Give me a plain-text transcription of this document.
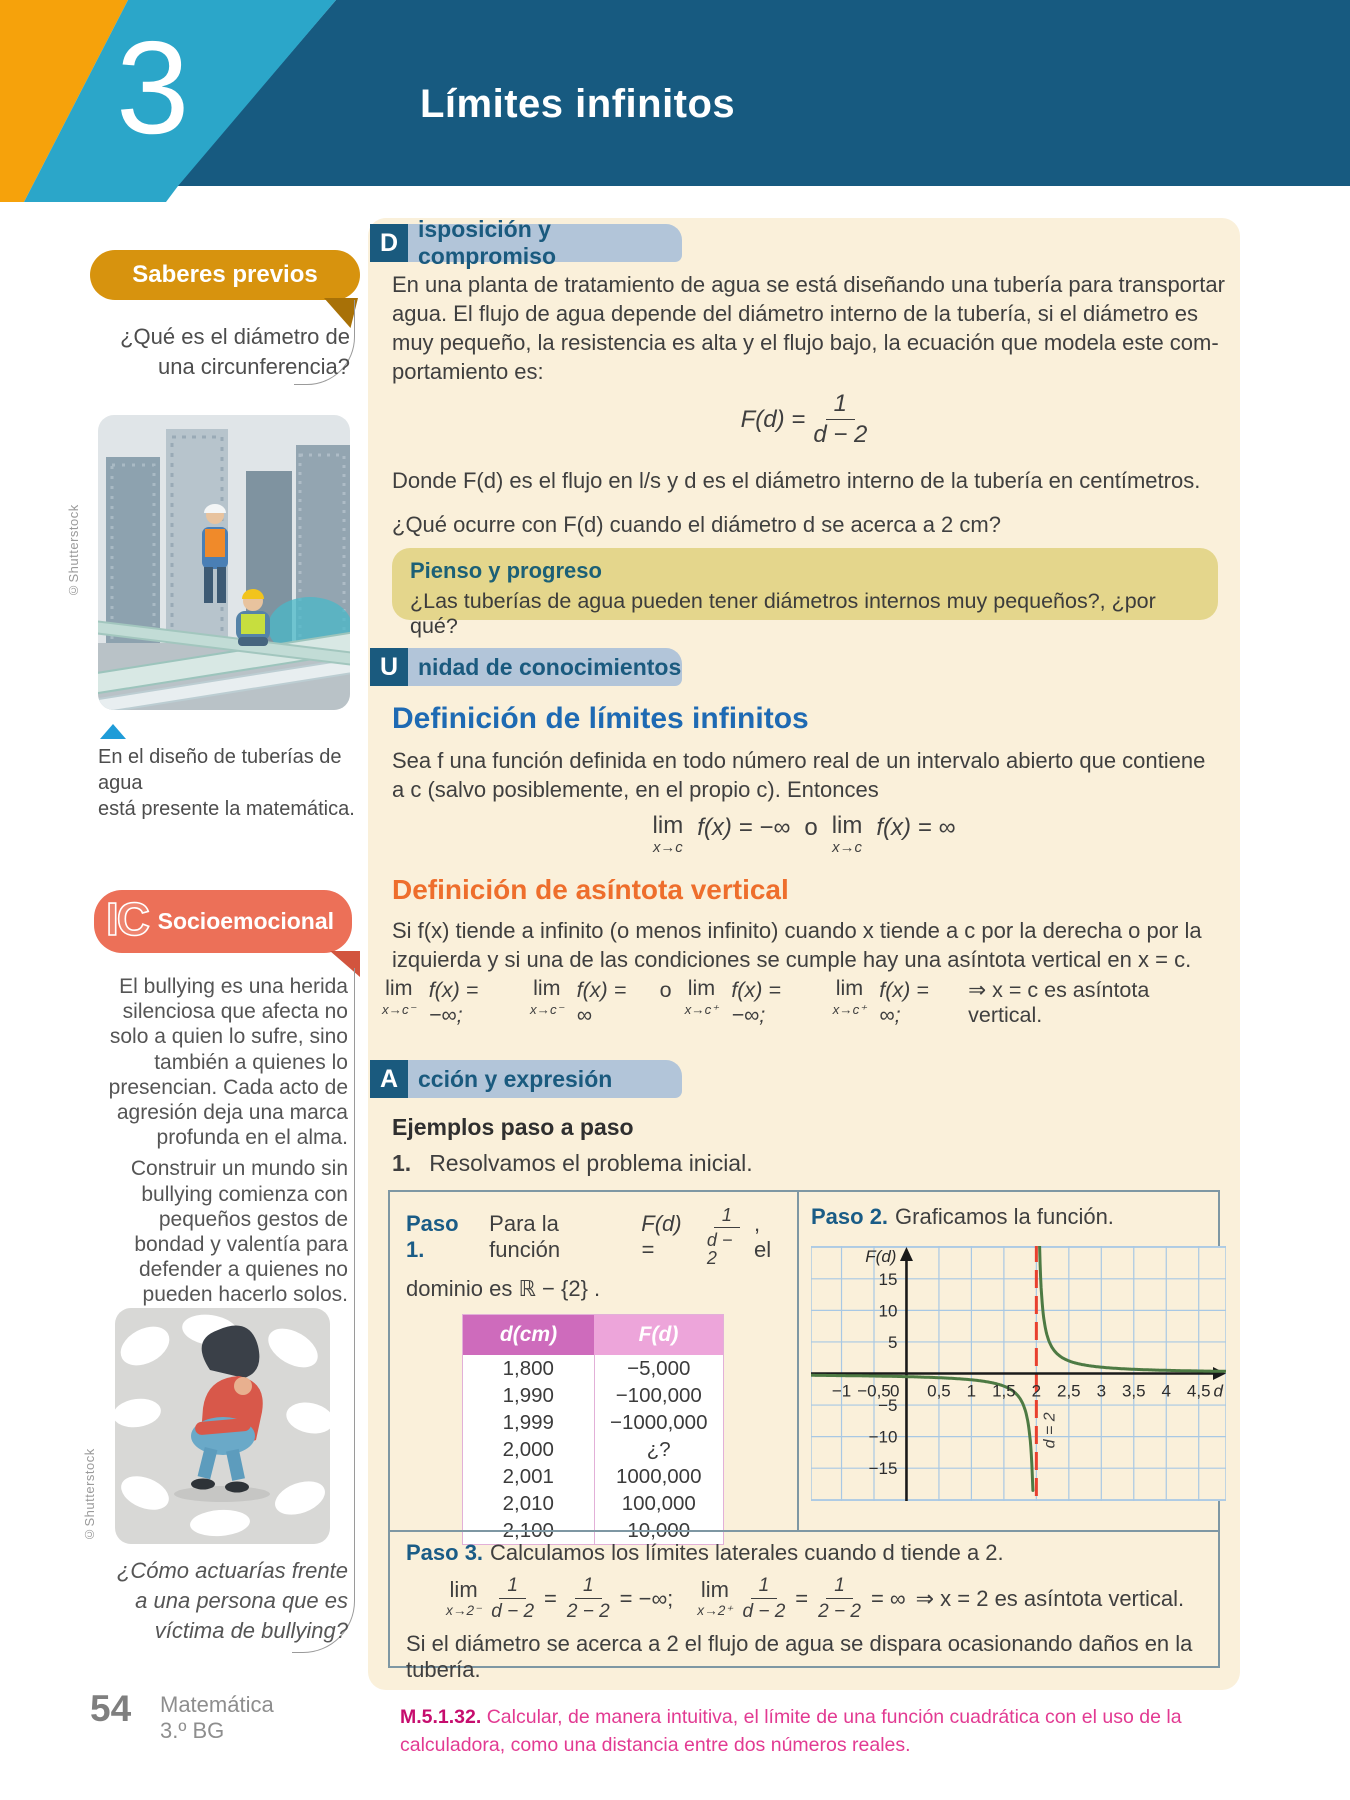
3	Límites infinitos
Saberes previos
¿Qué es el diámetro de
una circunferencia?
©Shutterstock
En el diseño de tuberías de agua
está presente la matemática.
IC Socioemocional
El bullying es una herida
silenciosa que afecta no
solo a quien lo sufre, sino
también a quienes lo
presencian. Cada acto de
agresión deja una marca
profunda en el alma.
Construir un mundo sin
bullying comienza con
pequeños gestos de
bondad y valentía para
defender a quienes no
pueden hacerlo solos.
©Shutterstock
¿Cómo actuarías frente
a una persona que es
víctima de bullying?
54 Matemática
3.º BG
D isposición y compromiso
En una planta de tratamiento de agua se está diseñando una tubería para transportar
agua. El flujo de agua depende del diámetro interno de la tubería, si el diámetro es
muy pequeño, la resistencia es alta y el flujo bajo, la ecuación que modela este com-
portamiento es:
$F(d) = \frac{1}{d - 2}$
Donde F(d) es el flujo en l/s y d es el diámetro interno de la tubería en centímetros.
¿Qué ocurre con F(d) cuando el diámetro d se acerca a 2 cm?
Pienso y progreso
¿Las tuberías de agua pueden tener diámetros internos muy pequeños?, ¿por qué?
U nidad de conocimientos
Definición de límites infinitos
Sea f una función definida en todo número real de un intervalo abierto que contiene
a c (salvo posiblemente, en el propio c). Entonces
lim
x→c
f(x) = −∞ o lim
x→c
f(x) = ∞
Definición de asíntota vertical
Si f(x) tiende a infinito (o menos infinito) cuando x tiende a c por la derecha o por la
izquierda y si una de las condiciones se cumple hay una asíntota vertical en x = c.
lim
x→c⁻
f(x) = −∞;
lim
x→c⁻
f(x) = ∞
o lim
x→c⁺
f(x) = −∞;
lim
x→c⁺
f(x) = ∞;
⇒ x = c es asíntota vertical.
A cción y expresión
Ejemplos paso a paso
1. Resolvamos el problema inicial.
Paso 1.
Para la función
F(d) =	$\frac{1}{d - 2}$ , el
dominio es ℝ − {2} .
d(cm)	F(d)
1,800	−5,000
1,990	−100,000
1,999	−1000,000
2,000	¿?
2,001	1000,000
2,010	100,000
2,100	10,000
Paso 2. Graficamos la función.
−1 −0,5 0 0,5 1 1,5 2 2,5 3 3,5 4 4,5
15
10
5
−5
−10
−15
F(d)
d
d = 2
Paso 3. Calculamos los límites laterales cuando d tiende a 2.
lim
$x\to 2^- \frac{1}{d - 2} = \frac{1}{2 - 2}$ = −∞; lim
$x\to 2^+ \frac{1}{d - 2} = \frac{1}{2 - 2}$ = ∞ ⇒ x = 2 es asíntota vertical.
Si el diámetro se acerca a 2 el flujo de agua se dispara ocasionando daños en la tubería.
M.5.1.32. Calcular, de manera intuitiva, el límite de una función cuadrática con el uso de la calculadora, como una distancia entre dos números reales.
